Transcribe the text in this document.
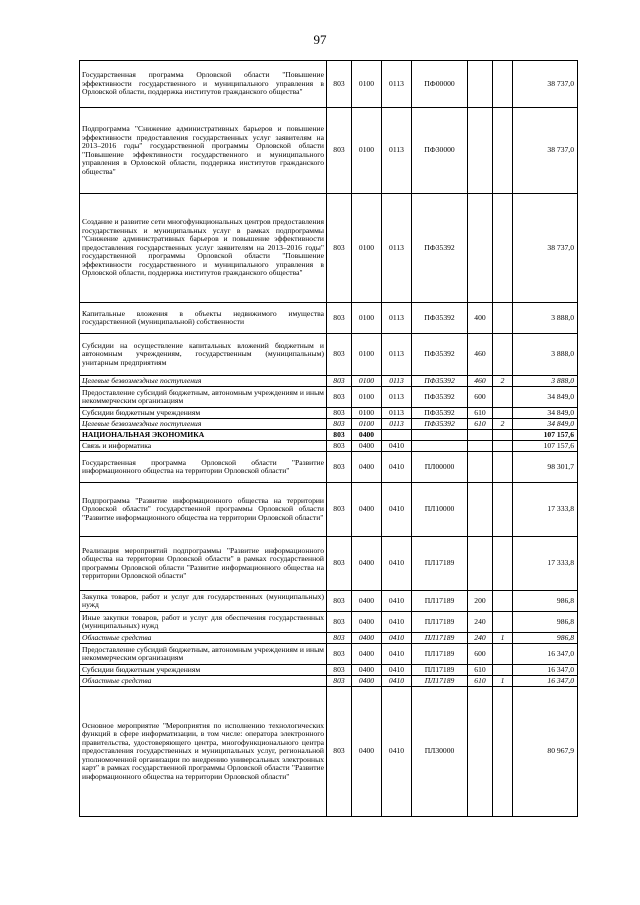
97
Государственная программа Орловской области "Повышение эффективности государственного и муниципального управления в Орловской области, поддержка институтов гражданского общества"	803	0100	0113	ПФ00000			38 737,0
Подпрограмма "Снижение административных барьеров и повышение эффективности предоставления государственных услуг заявителям на 2013–2016 годы" государственной программы Орловской области "Повышение эффективности государственного и муниципального управления в Орловской области, поддержка институтов гражданского общества"	803	0100	0113	ПФ30000			38 737,0
Создание и развитие сети многофункциональных центров предоставления государственных и муниципальных услуг в рамках подпрограммы "Снижение административных барьеров и повышение эффективности предоставления государственных услуг заявителям на 2013–2016 годы" государственной программы Орловской области "Повышение эффективности государственного и муниципального управления в Орловской области, поддержка институтов гражданского общества"	803	0100	0113	ПФ35392			38 737,0
Капитальные вложения в объекты недвижимого имущества государственной (муниципальной) собственности	803	0100	0113	ПФ35392	400		3 888,0
Субсидии на осуществление капитальных вложений бюджетным и автономным учреждениям, государственным (муниципальным) унитарным предприятиям	803	0100	0113	ПФ35392	460		3 888,0
Целевые безвозмездные поступления	803	0100	0113	ПФ35392	460	2	3 888,0
Предоставление субсидий бюджетным, автономным учреждениям и иным некоммерческим организациям	803	0100	0113	ПФ35392	600		34 849,0
Субсидии бюджетным учреждениям	803	0100	0113	ПФ35392	610		34 849,0
Целевые безвозмездные поступления	803	0100	0113	ПФ35392	610	2	34 849,0
НАЦИОНАЛЬНАЯ ЭКОНОМИКА	803	0400					107 157,6
Связь и информатика	803	0400	0410				107 157,6
Государственная программа Орловской области "Развитие информационного общества на территории Орловской области"	803	0400	0410	ПЛ00000			98 301,7
Подпрограмма "Развитие информационного общества на территории Орловской области" государственной программы Орловской области "Развитие информационного общества на территории Орловской области"	803	0400	0410	ПЛ10000			17 333,8
Реализация мероприятий подпрограммы "Развитие информационного общества на территории Орловской области" в рамках государственной программы Орловской области "Развитие информационного общества на территории Орловской области"	803	0400	0410	ПЛ17189			17 333,8
Закупка товаров, работ и услуг для государственных (муниципальных) нужд	803	0400	0410	ПЛ17189	200		986,8
Иные закупки товаров, работ и услуг для обеспечения государственных (муниципальных) нужд	803	0400	0410	ПЛ17189	240		986,8
Областные средства	803	0400	0410	ПЛ17189	240	1	986,8
Предоставление субсидий бюджетным, автономным учреждениям и иным некоммерческим организациям	803	0400	0410	ПЛ17189	600		16 347,0
Субсидии бюджетным учреждениям	803	0400	0410	ПЛ17189	610		16 347,0
Областные средства	803	0400	0410	ПЛ17189	610	1	16 347,0
Основное мероприятие "Мероприятия по исполнению технологических функций в сфере информатизации, в том числе: оператора электронного правительства, удостоверяющего центра, многофункционального центра предоставления государственных и муниципальных услуг, региональной уполномоченной организации по внедрению универсальных электронных карт" в рамках государственной программы Орловской области "Развитие информационного общества на территории Орловской области"	803	0400	0410	ПЛ30000			80 967,9
